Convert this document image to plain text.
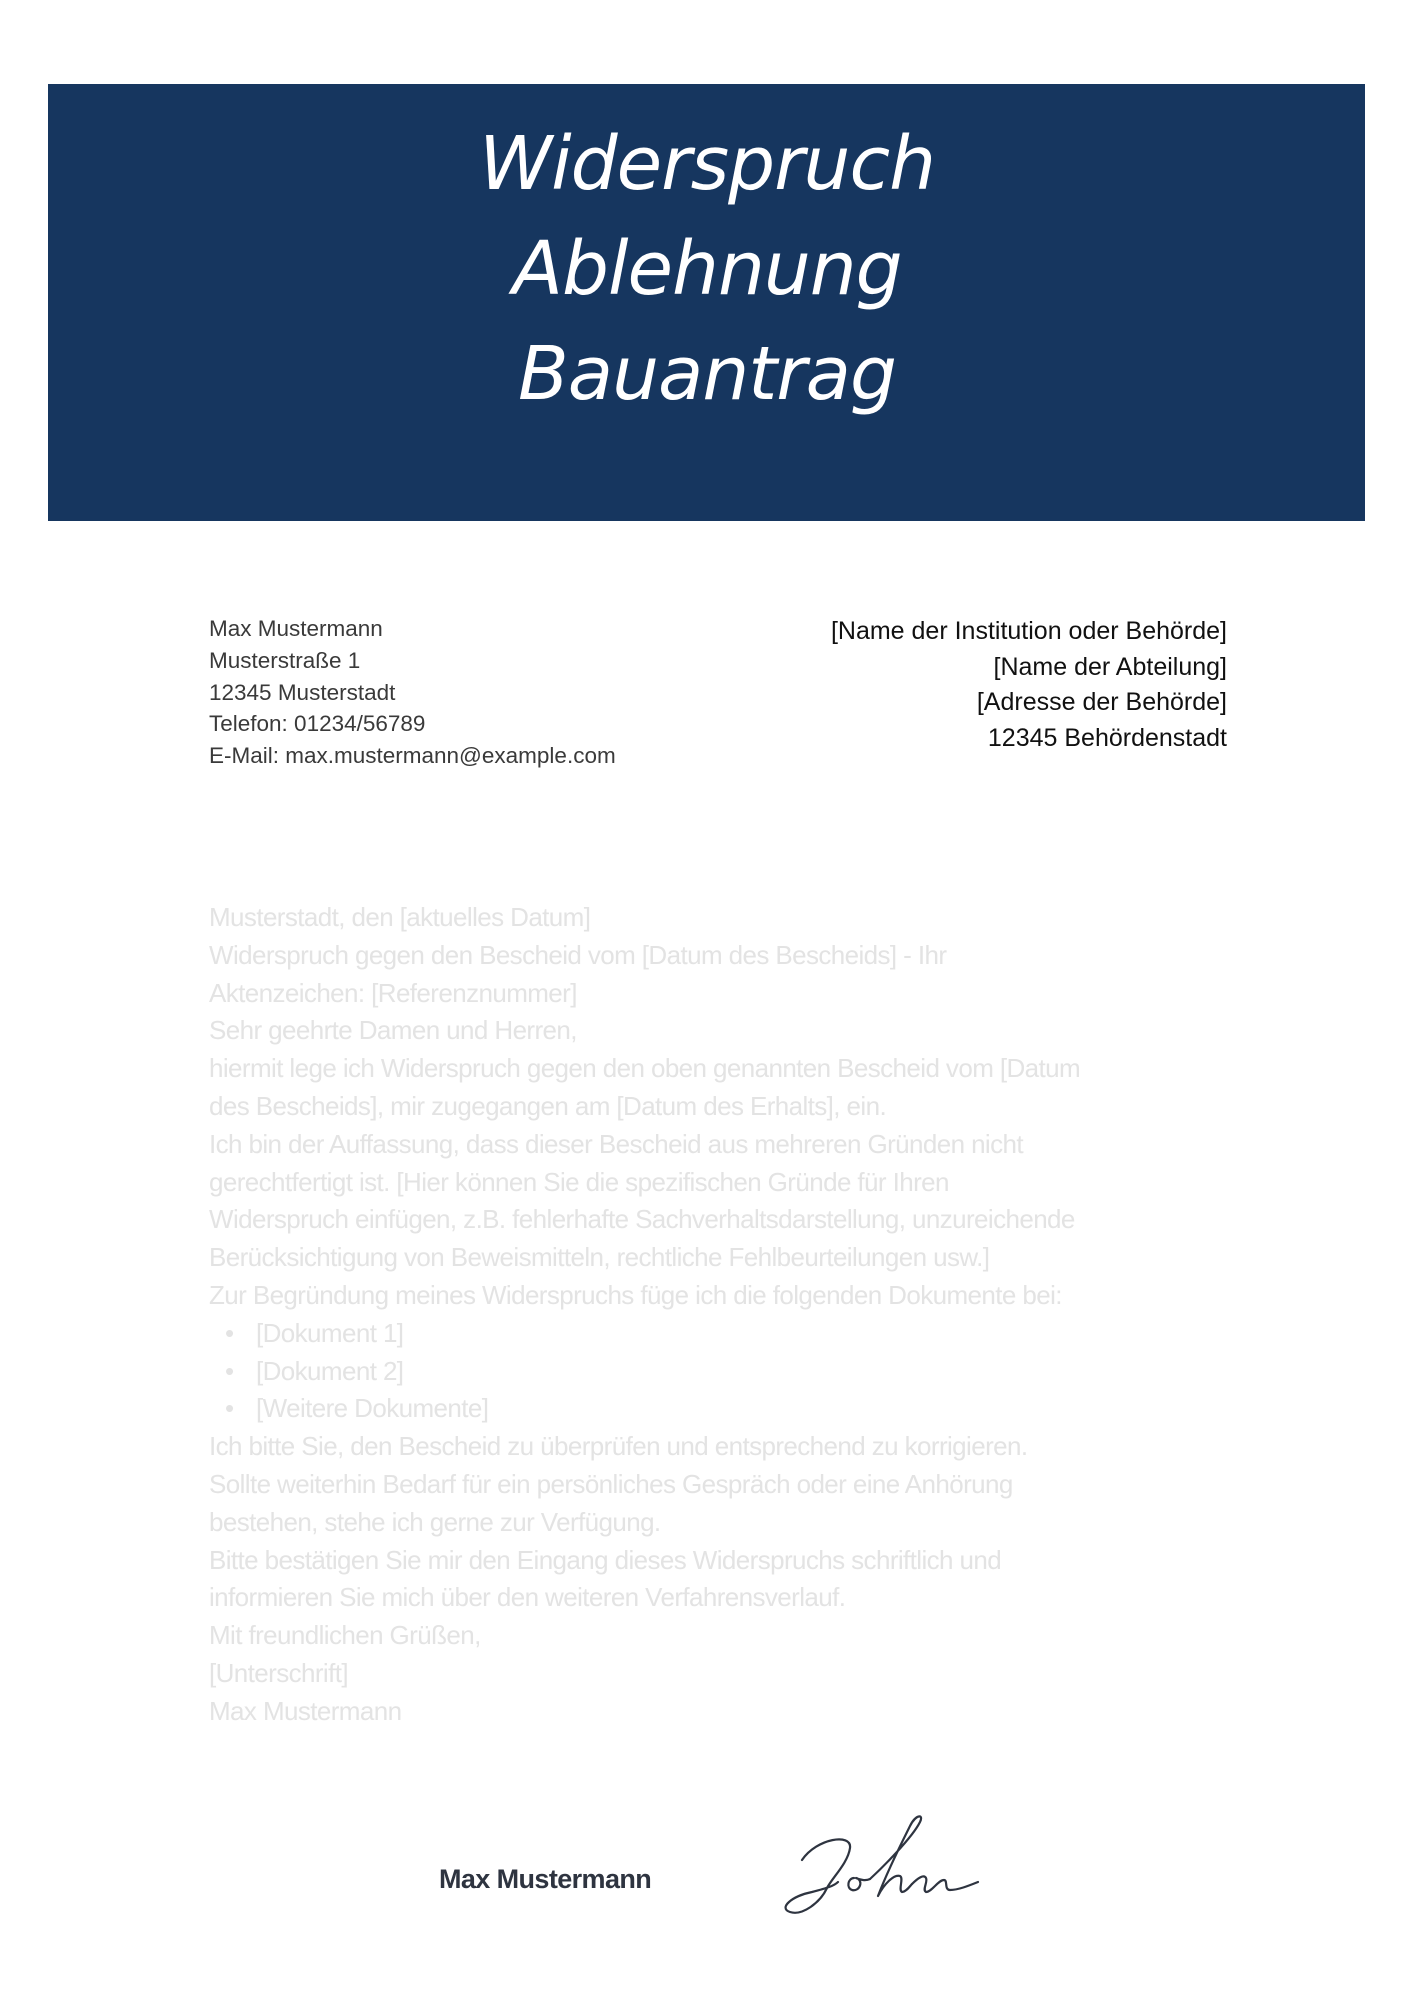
Widerspruch
Ablehnung
Bauantrag
Max Mustermann
Musterstraße 1
12345 Musterstadt
Telefon: 01234/56789
E-Mail: max.mustermann@example.com
[Name der Institution oder Behörde]
[Name der Abteilung]
[Adresse der Behörde]
12345 Behördenstadt
Musterstadt, den [aktuelles Datum]
Widerspruch gegen den Bescheid vom [Datum des Bescheids] - Ihr
Aktenzeichen: [Referenznummer]
Sehr geehrte Damen und Herren,
hiermit lege ich Widerspruch gegen den oben genannten Bescheid vom [Datum
des Bescheids], mir zugegangen am [Datum des Erhalts], ein.
Ich bin der Auffassung, dass dieser Bescheid aus mehreren Gründen nicht
gerechtfertigt ist. [Hier können Sie die spezifischen Gründe für Ihren
Widerspruch einfügen, z.B. fehlerhafte Sachverhaltsdarstellung, unzureichende
Berücksichtigung von Beweismitteln, rechtliche Fehlbeurteilungen usw.]
Zur Begründung meines Widerspruchs füge ich die folgenden Dokumente bei:
• [Dokument 1]
• [Dokument 2]
• [Weitere Dokumente]
Ich bitte Sie, den Bescheid zu überprüfen und entsprechend zu korrigieren.
Sollte weiterhin Bedarf für ein persönliches Gespräch oder eine Anhörung
bestehen, stehe ich gerne zur Verfügung.
Bitte bestätigen Sie mir den Eingang dieses Widerspruchs schriftlich und
informieren Sie mich über den weiteren Verfahrensverlauf.
Mit freundlichen Grüßen,
[Unterschrift]
Max Mustermann
Max Mustermann
